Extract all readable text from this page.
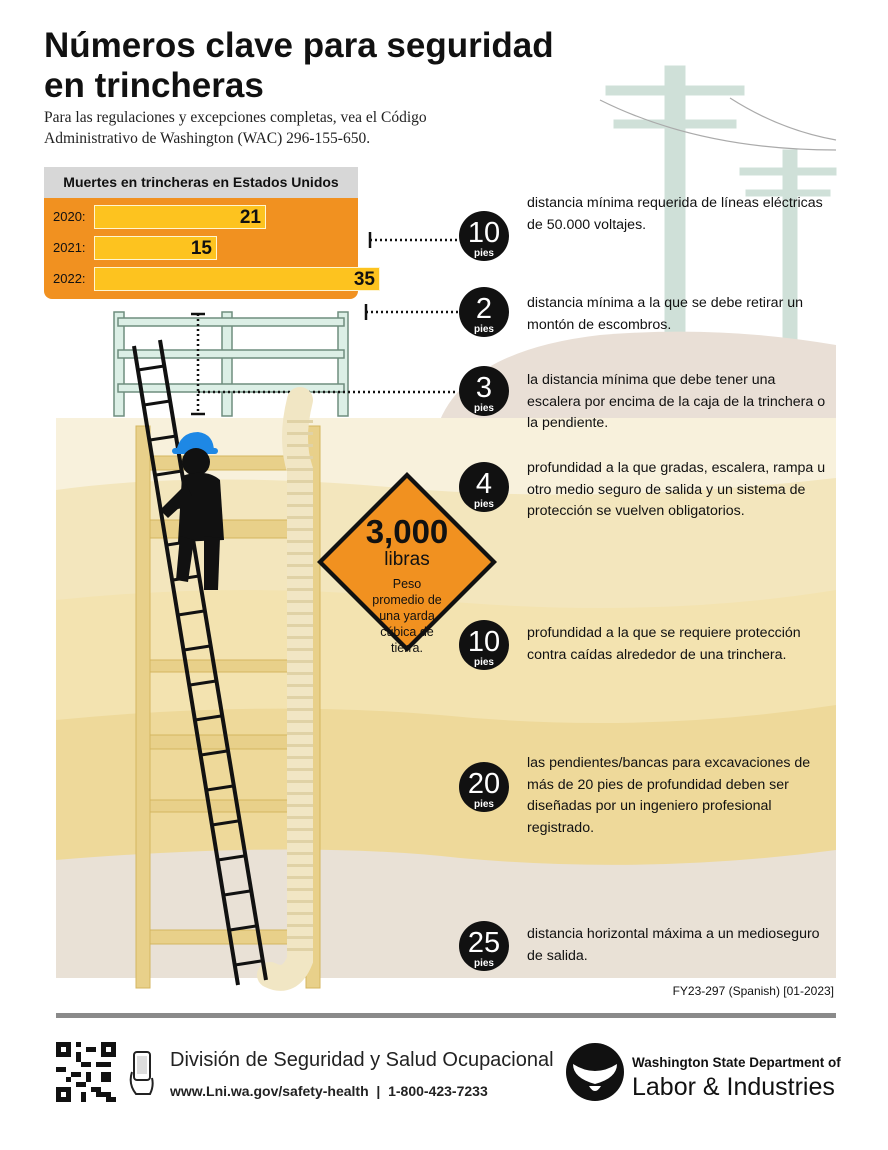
Números clave para seguridad en trincheras
Para las regulaciones y excepciones completas, vea el Código Administrativo de Washington (WAC) 296-155-650.
Muertes en trincheras en Estados Unidos
2020:	21
2021:	15
2022:	35
10
pies
distancia mínima requerida de líneas eléctricas de 50.000 voltajes.
2
pies
distancia mínima a la que se debe retirar un montón de escombros.
3
pies
la distancia mínima que debe tener una escalera por encima de la caja de la trinchera o la pendiente.
4
pies
profundidad a la que gradas, escalera, rampa u otro medio seguro de salida y un sistema de protección se vuelven obligatorios.
10
pies
profundidad a la que se requiere protección contra caídas alrededor de una trinchera.
20
pies
las pendientes/bancas para excavaciones de más de 20 pies de profundidad deben ser diseñadas por un ingeniero profesional registrado.
25
pies
distancia horizontal máxima a un medioseguro de salida.
3,000
libras
Peso promedio de una yarda cúbica de tierra.
FY23-297 (Spanish) [01-2023]
División de Seguridad y Salud Ocupacional
www.Lni.wa.gov/safety-health  |  1-800-423-7233
Washington State Department of
Labor & Industries
